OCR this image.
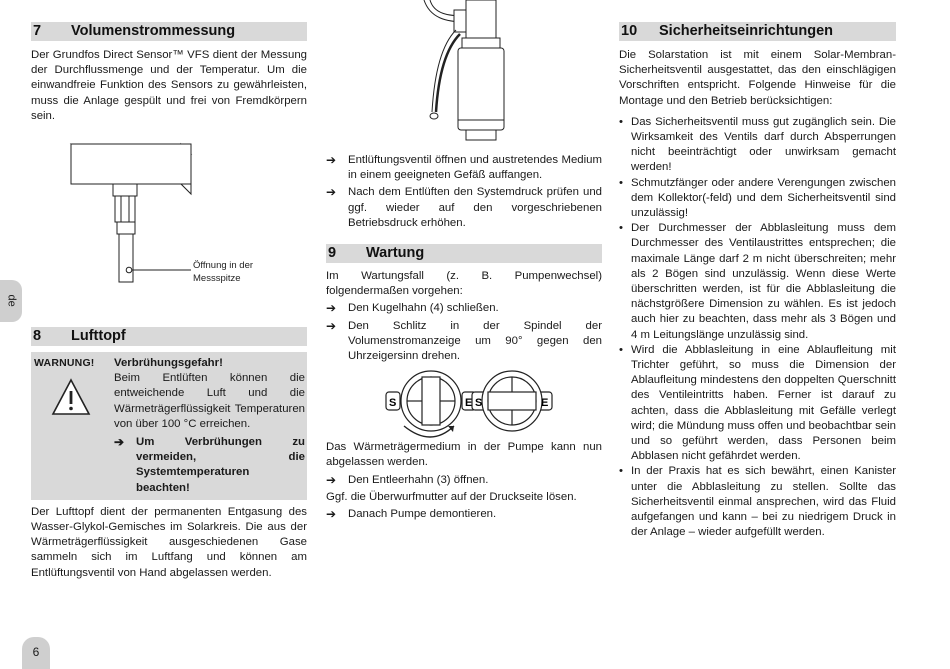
de
6
7	Volumenstrommessung

Der Grundfos Direct Sensor™ VFS dient der Messung der Durchflussmenge und der Temperatur. Um die einwandfreie Funktion des Sensors zu gewährleisten, muss die Anlage gespült und frei von Fremdkörpern sein.

Öffnung in der
Messspitze
8	Lufttopf
WARNUNG!	Verbrühungsgefahr!

Beim Entlüften können die entweichende Luft und die Wärmeträgerflüssigkeit Temperaturen von über 100 °C erreichen.

➔	Um Verbrühungen zu vermeiden, die Systemtemperaturen beachten!

Der Lufttopf dient der permanenten Entgasung des Wasser-Glykol-Gemisches im Solarkreis. Die aus der Wärmeträgerflüssigkeit ausgeschiedenen Gase sammeln sich im Luftfang und können am Entlüftungsventil von Hand abgelassen werden.

➔	Entlüftungsventil öffnen und austretendes Medium in einem geeigneten Gefäß auffangen.
➔	Nach dem Entlüften den Systemdruck prüfen und ggf. wieder auf den vorgeschriebenen Betriebsdruck erhöhen.
9	Wartung

Im Wartungsfall (z. B. Pumpenwechsel) folgendermaßen vorgehen:

➔	Den Kugelhahn (4) schließen.
➔	Den Schlitz in der Spindel der Volumenstromanzeige um 90° gegen den Uhrzeigersinn drehen.
S	E S	E

Das Wärmeträgermedium in der Pumpe kann nun abgelassen werden.

➔	Den Entleerhahn (3) öffnen.

Ggf. die Überwurfmutter auf der Druckseite lösen.

➔	Danach Pumpe demontieren.
10	Sicherheitseinrichtungen

Die Solarstation ist mit einem Solar-Membran-Sicherheitsventil ausgestattet, das den einschlägigen Vorschriften entspricht. Folgende Hinweise für die Montage und den Betrieb berücksichtigen:

• Das Sicherheitsventil muss gut zugänglich sein. Die Wirksamkeit des Ventils darf durch Absperrungen nicht beeinträchtigt oder unwirksam gemacht werden!
• Schmutzfänger oder andere Verengungen zwischen dem Kollektor(-feld) und dem Sicherheitsventil sind unzulässig!
• Der Durchmesser der Abblasleitung muss dem Durchmesser des Ventilaustrittes entsprechen; die maximale Länge darf 2 m nicht überschreiten; mehr als 2 Bögen sind unzulässig. Wenn diese Werte überschritten werden, ist für die Abblasleitung die nächstgrößere Dimension zu wählen. Es ist jedoch auch hier zu beachten, dass mehr als 3 Bögen und 4 m Leitungslänge unzulässig sind.
• Wird die Abblasleitung in eine Ablaufleitung mit Trichter geführt, so muss die Dimension der Ablaufleitung mindestens den doppelten Querschnitt des Ventileintritts haben. Ferner ist darauf zu achten, dass die Abblasleitung mit Gefälle verlegt wird; die Mündung muss offen und beobachtbar sein und so geführt werden, dass Personen beim Abblasen nicht gefährdet werden.
• In der Praxis hat es sich bewährt, einen Kanister unter die Abblasleitung zu stellen. Sollte das Sicherheitsventil einmal ansprechen, wird das Fluid aufgefangen und kann – bei zu niedrigem Druck in der Anlage – wieder aufgefüllt werden.
